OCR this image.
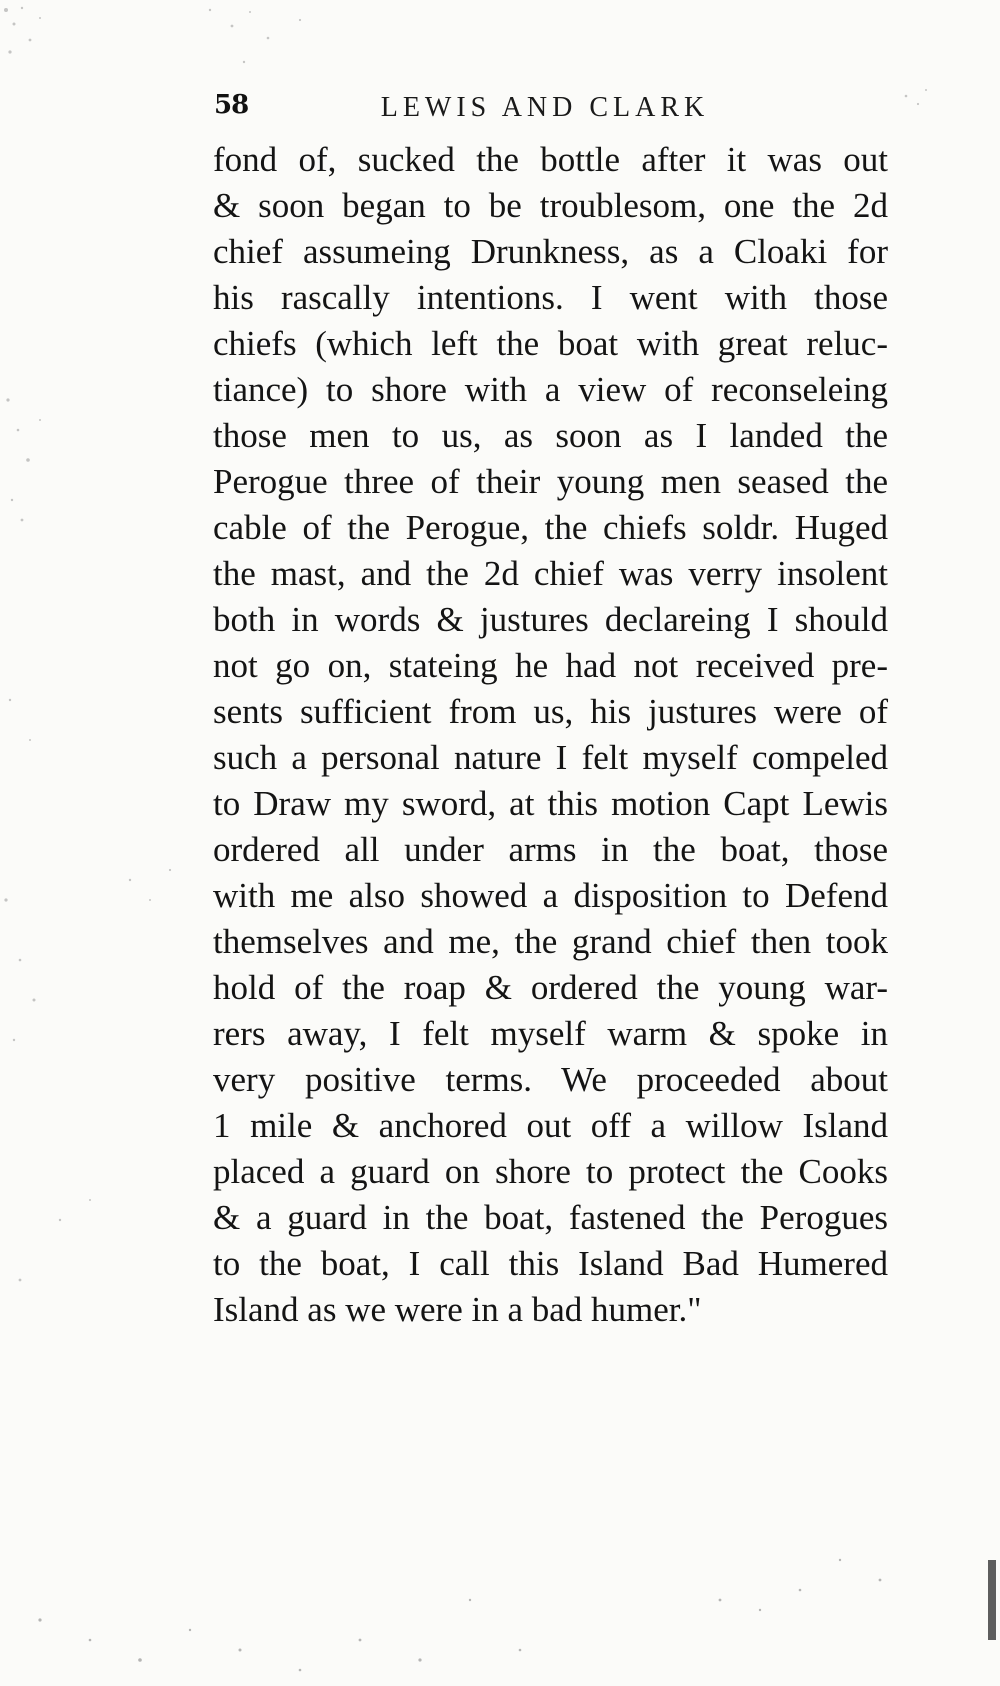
58	LEWIS AND CLARK
fond of, sucked the bottle after it was out
& soon began to be troublesom, one the 2d
chief assumeing Drunkness, as a Cloaki for
his rascally intentions. I went with those
chiefs (which left the boat with great reluc-
tiance) to shore with a view of reconseleing
those men to us, as soon as I landed the
Perogue three of their young men seased the
cable of the Perogue, the chiefs soldr. Huged
the mast, and the 2d chief was verry insolent
both in words & justures declareing I should
not go on, stateing he had not received pre-
sents sufficient from us, his justures were of
such a personal nature I felt myself compeled
to Draw my sword, at this motion Capt Lewis
ordered all under arms in the boat, those
with me also showed a disposition to Defend
themselves and me, the grand chief then took
hold of the roap & ordered the young war-
rers away, I felt myself warm & spoke in
very positive terms. We proceeded about
1 mile & anchored out off a willow Island
placed a guard on shore to protect the Cooks
& a guard in the boat, fastened the Perogues
to the boat, I call this Island Bad Humered
Island as we were in a bad humer."
